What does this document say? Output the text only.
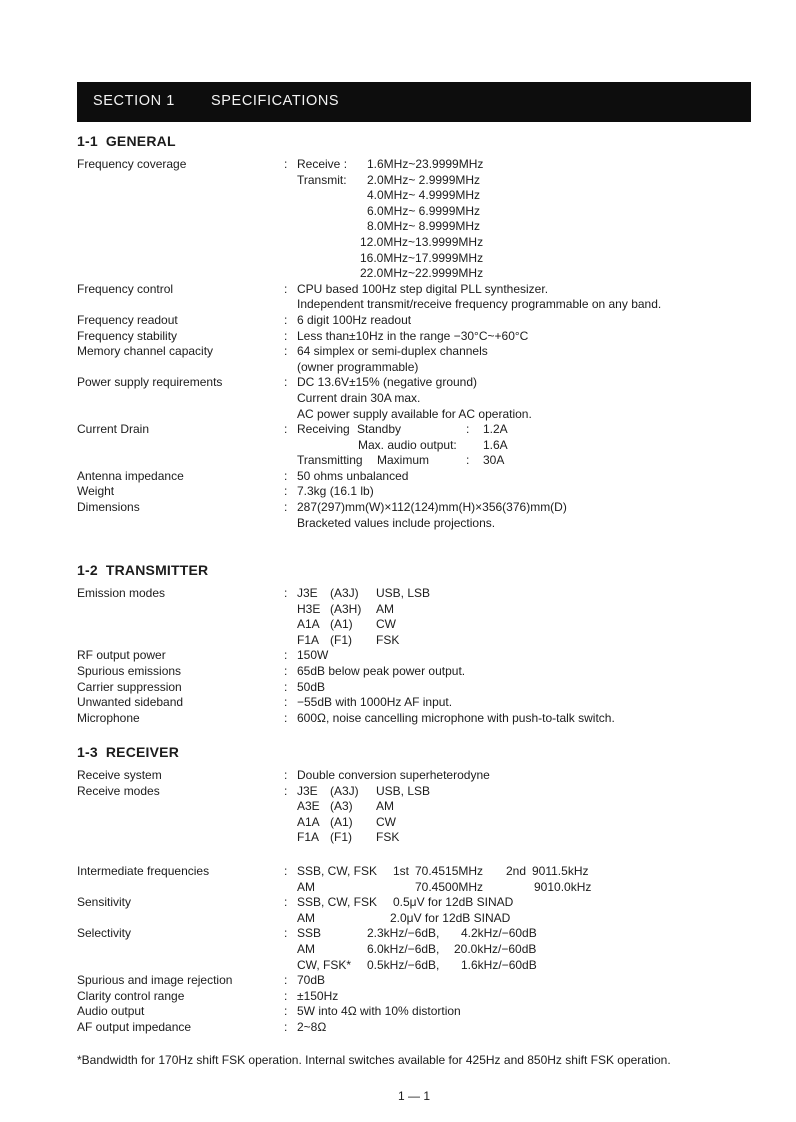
SECTION 1 SPECIFICATIONS
1-1 GENERAL
Frequency coverage	: Receive : 1.6MHz~23.9999MHz
Transmit: 2.0MHz~ 2.9999MHz
4.0MHz~ 4.9999MHz
6.0MHz~ 6.9999MHz
8.0MHz~ 8.9999MHz
12.0MHz~13.9999MHz
16.0MHz~17.9999MHz
22.0MHz~22.9999MHz
Frequency control	: CPU based 100Hz step digital PLL synthesizer.
Independent transmit/receive frequency programmable on any band.
Frequency readout	: 6 digit 100Hz readout
Frequency stability	: Less than±10Hz in the range −30°C~+60°C
Memory channel capacity	: 64 simplex or semi-duplex channels
(owner programmable)
Power supply requirements	: DC 13.6V±15% (negative ground)
Current drain 30A max.
AC power supply available for AC operation.
Current Drain	: Receiving Standby	: 1.2A
Max. audio output: 1.6A
Transmitting Maximum	: 30A
Antenna impedance	: 50 ohms unbalanced
Weight	: 7.3kg (16.1 lb)
Dimensions	: 287(297)mm(W)×112(124)mm(H)×356(376)mm(D)
Bracketed values include projections.
1-2 TRANSMITTER
Emission modes	: J3E (A3J) USB, LSB
H3E (A3H) AM
A1A (A1) CW
F1A (F1) FSK
RF output power	: 150W
Spurious emissions	: 65dB below peak power output.
Carrier suppression	: 50dB
Unwanted sideband	: −55dB with 1000Hz AF input.
Microphone	: 600Ω, noise cancelling microphone with push-to-talk switch.
1-3 RECEIVER
Receive system	: Double conversion superheterodyne
Receive modes	: J3E (A3J) USB, LSB
A3E (A3) AM
A1A (A1) CW
F1A (F1) FSK
Intermediate frequencies	: SSB, CW, FSK 1st 70.4515MHz 2nd 9011.5kHz
AM	70.4500MHz	9010.0kHz
Sensitivity	: SSB, CW, FSK 0.5μV for 12dB SINAD
AM	2.0μV for 12dB SINAD
Selectivity	: SSB	2.3kHz/−6dB, 4.2kHz/−60dB
AM	6.0kHz/−6dB, 20.0kHz/−60dB
CW, FSK* 0.5kHz/−6dB, 1.6kHz/−60dB
Spurious and image rejection	: 70dB
Clarity control range	: ±150Hz
Audio output	: 5W into 4Ω with 10% distortion
AF output impedance	: 2~8Ω
*Bandwidth for 170Hz shift FSK operation. Internal switches available for 425Hz and 850Hz shift FSK operation.
1 — 1
